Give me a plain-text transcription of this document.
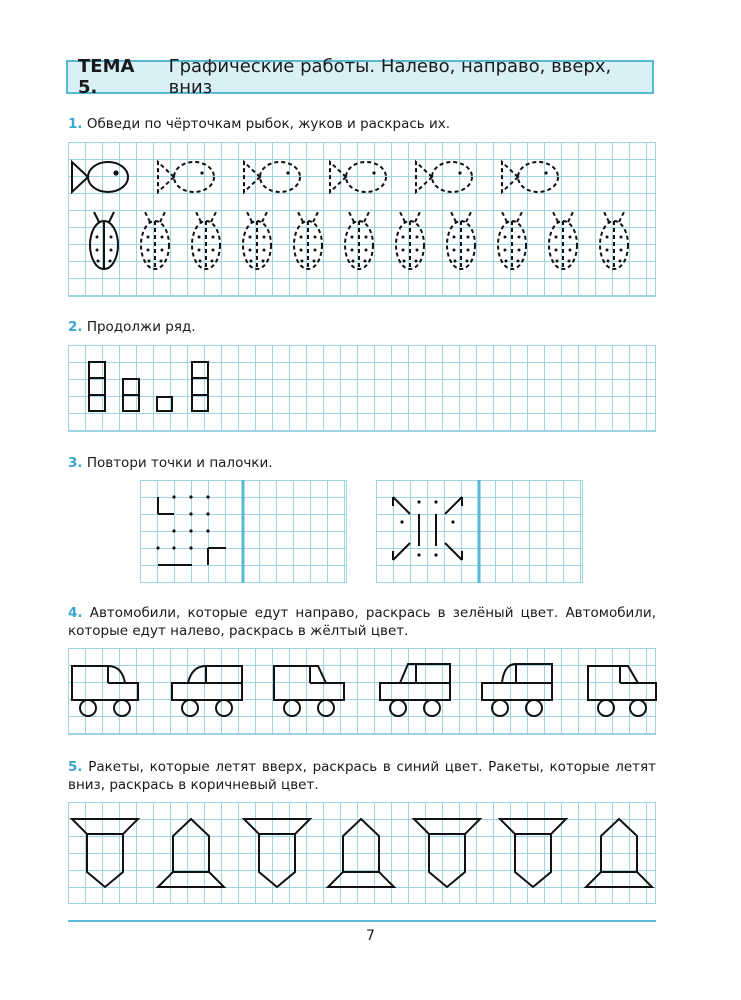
ТЕМА 5.
Графические работы. Налево, направо, вверх, вниз
1. Обведи по чёрточкам рыбок, жуков и раскрась их.
2. Продолжи ряд.
3. Повтори точки и палочки.
4. Автомобили, которые едут направо, раскрась в зелёный цвет. Автомобили, которые едут налево, раскрась в жёлтый цвет.
5. Ракеты, которые летят вверх, раскрась в синий цвет. Ракеты, которые летят вниз, раскрась в коричневый цвет.
7
